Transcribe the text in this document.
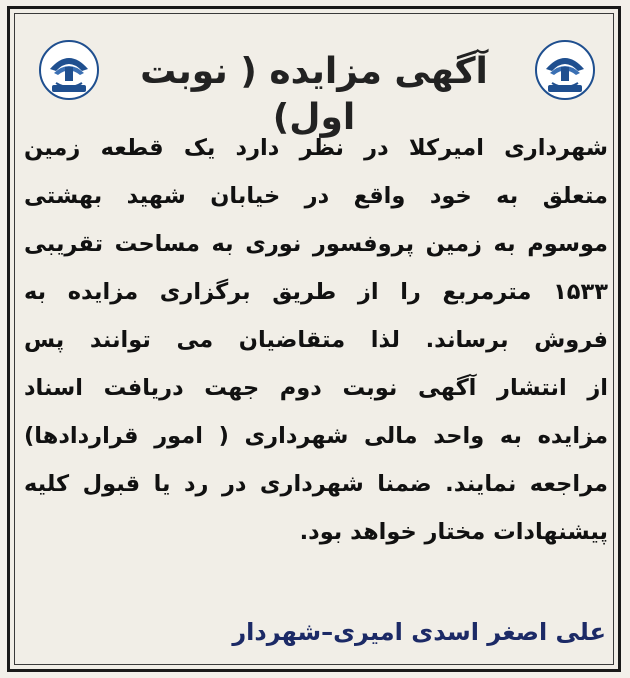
آگهی مزایده ( نوبت اول)
شهرداری امیرکلا در نظر دارد یک قطعه زمین
متعلق به خود واقع در خیابان شهید بهشتی
موسوم به زمین پروفسور نوری به مساحت تقریبی
۱۵۳۳ مترمربع را از طریق برگزاری مزایده به
فروش برساند. لذا متقاضیان می توانند پس
از انتشار آگهی نوبت دوم جهت دریافت اسناد
مزایده به واحد مالی شهرداری ( امور قراردادها)
مراجعه نمایند. ضمنا شهرداری در رد یا قبول کلیه
پیشنهادات مختار خواهد بود.
علی اصغر اسدی امیری–شهردار
